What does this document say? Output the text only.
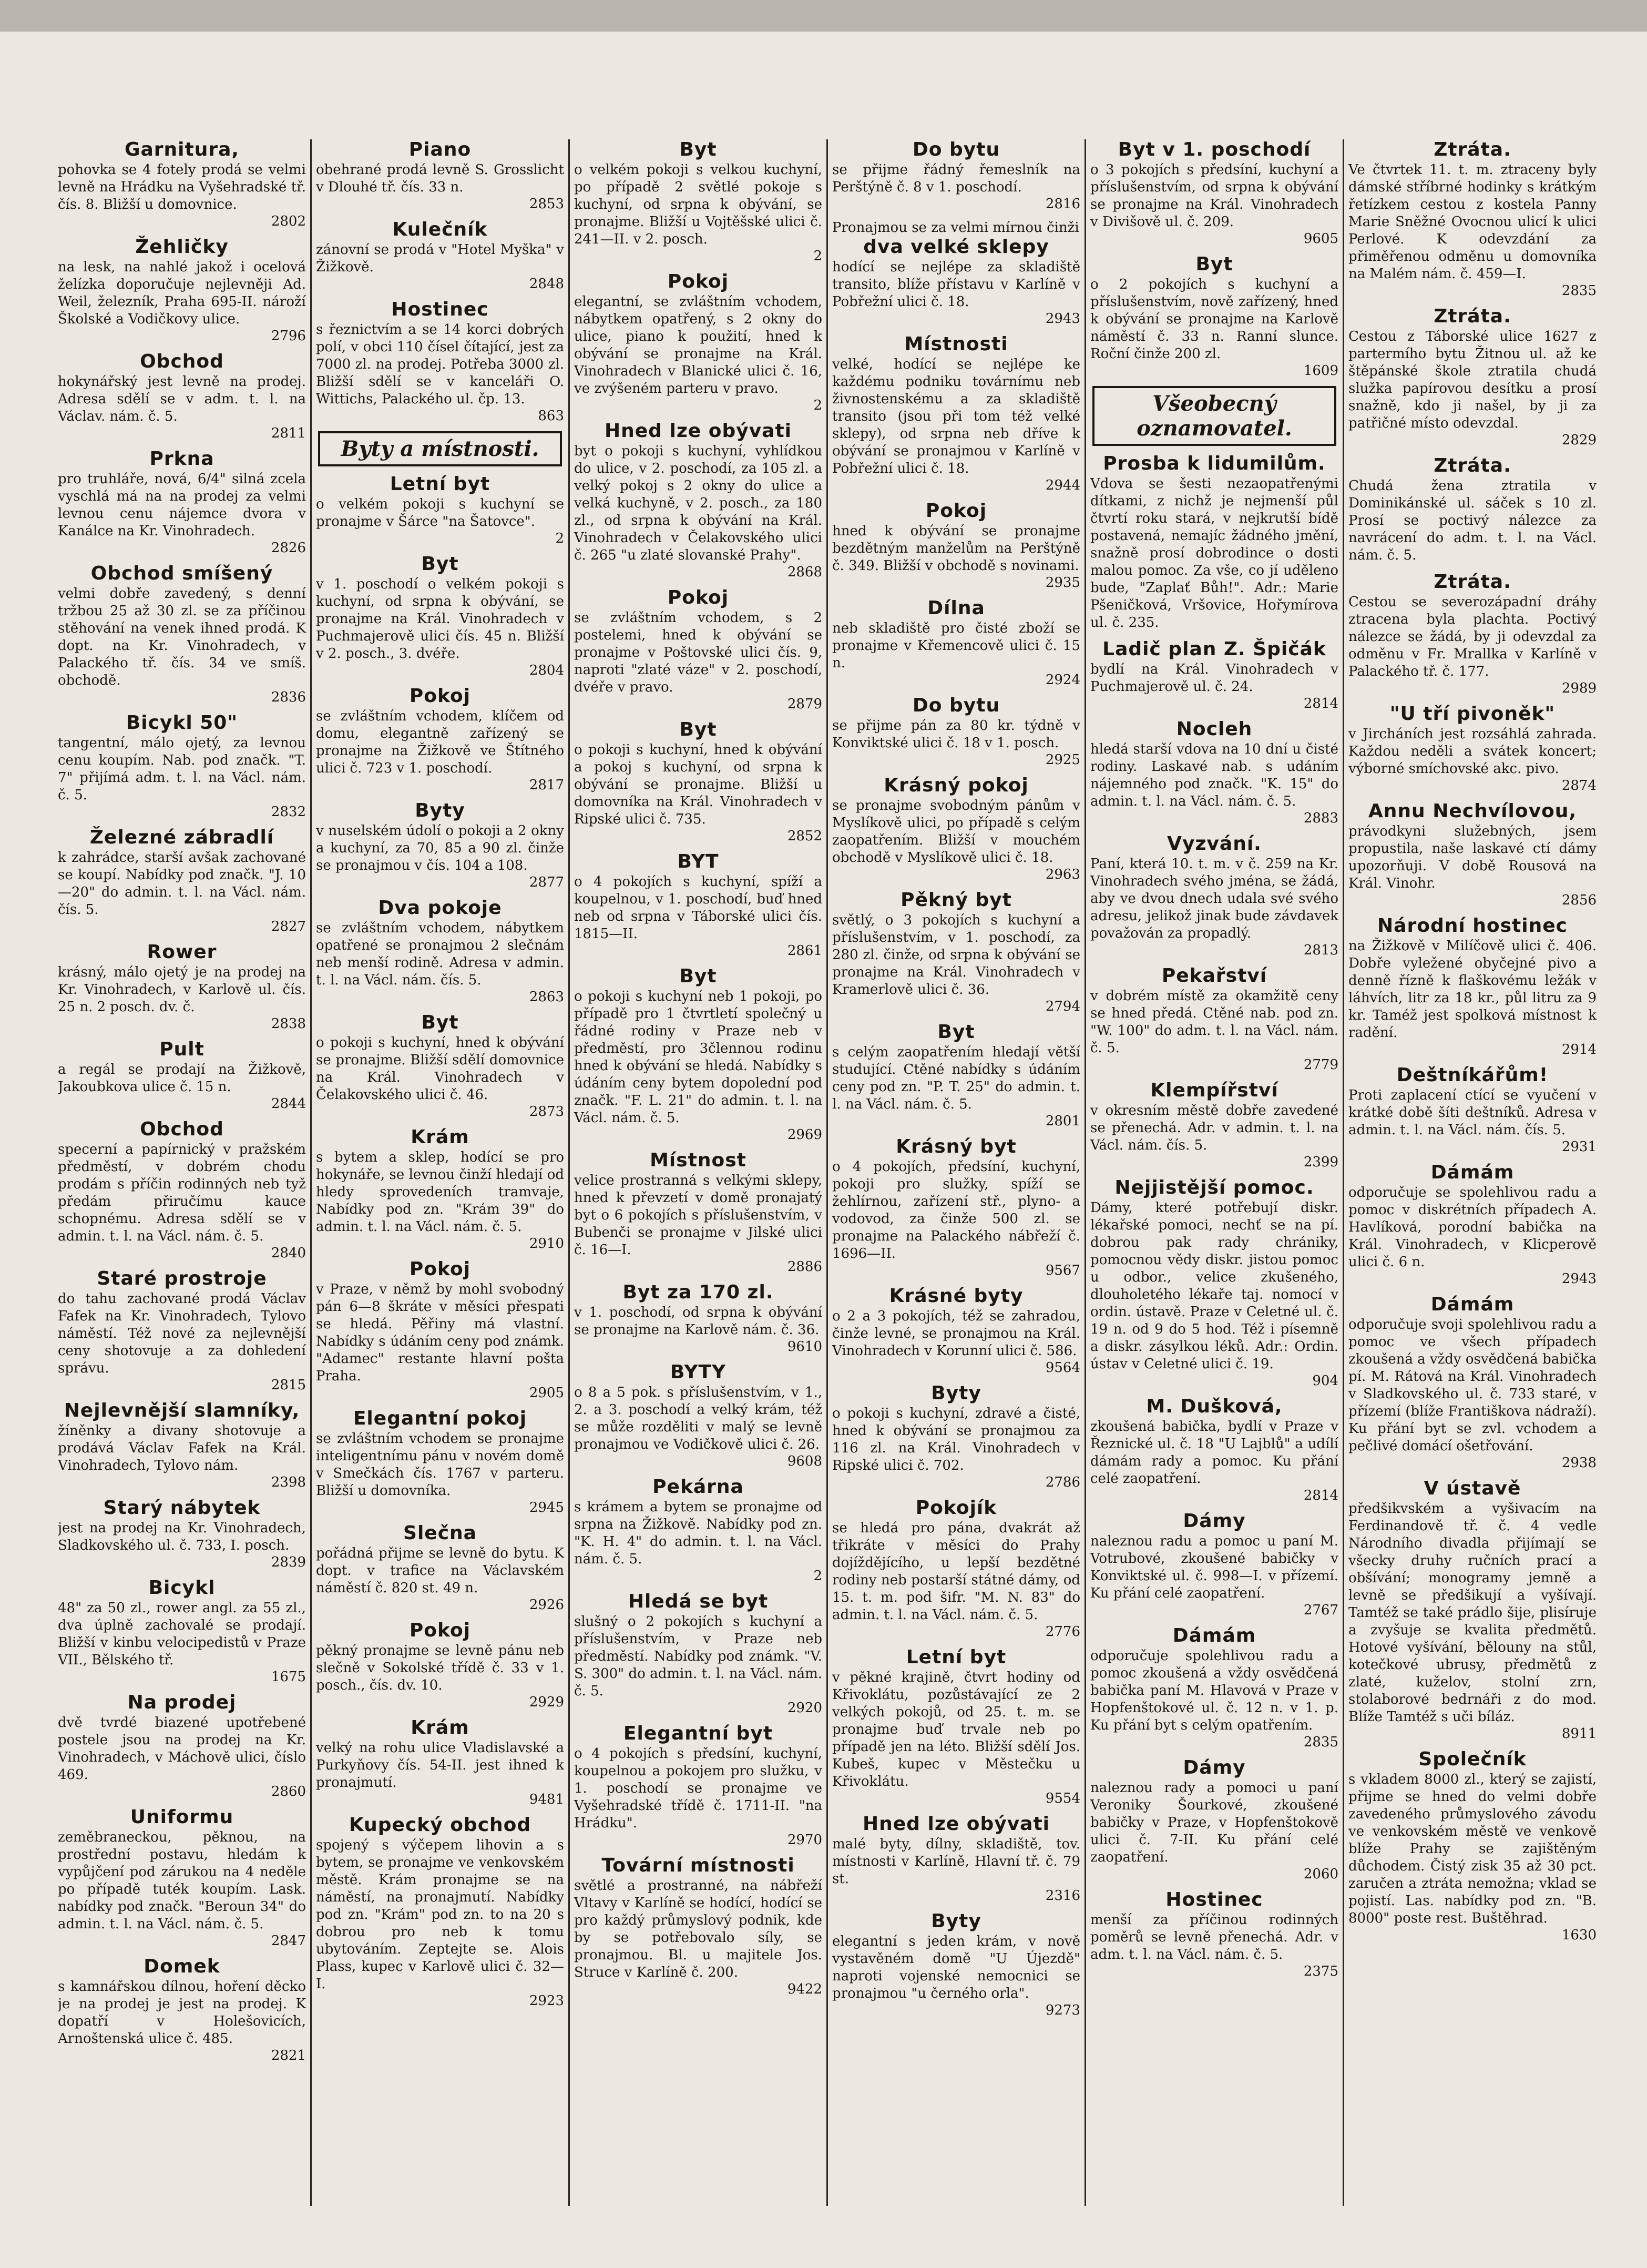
Garnitura,

pohovka se 4 fotely prodá se velmi levně na Hrádku na Vyšehradské tř. čís. 8. Bližší u domovnice.

2802

Žehličky

na lesk, na nahlé jakož i ocelová želízka doporučuje nejlevněji Ad. Weil, železník, Praha 695-II. nároží Školské a Vodičkovy ulice.

2796

Obchod

hokynářský jest levně na prodej. Adresa sdělí se v adm. t. l. na Václav. nám. č. 5.

2811

Prkna

pro truhláře, nová, 6/4" silná zcela vyschlá má na na prodej za velmi levnou cenu nájemce dvora v Kanálce na Kr. Vinohradech.

2826

Obchod smíšený

velmi dobře zavedený, s denní tržbou 25 až 30 zl. se za příčinou stěhování na venek ihned prodá. K dopt. na Kr. Vinohradech, v Palackého tř. čís. 34 ve smíš. obchodě.

2836

Bicykl 50"

tangentní, málo ojetý, za levnou cenu koupím. Nab. pod značk. "T. 7" přijímá adm. t. l. na Václ. nám. č. 5.

2832

Železné zábradlí

k zahrádce, starší avšak zachované se koupí. Nabídky pod značk. "J. 10—20" do admin. t. l. na Václ. nám. čís. 5.

2827

Rower

krásný, málo ojetý je na prodej na Kr. Vinohradech, v Karlově ul. čís. 25 n. 2 posch. dv. č.

2838

Pult

a regál se prodají na Žižkově, Jakoubkova ulice č. 15 n.

2844

Obchod

specerní a papírnický v pražském předměstí, v dobrém chodu prodám s příčin rodinných neb tyž předám přiručímu kauce schopnému. Adresa sdělí se v admin. t. l. na Václ. nám. č. 5.

2840

Staré prostroje

do tahu zachované prodá Václav Fafek na Kr. Vinohradech, Tylovo náměstí. Též nové za nejlevnější ceny shotovuje a za dohledení správu.

2815

Nejlevnější slamníky,

žíněnky a divany shotovuje a prodává Václav Fafek na Král. Vinohradech, Tylovo nám.

2398

Starý nábytek

jest na prodej na Kr. Vinohradech, Sladkovského ul. č. 733, I. posch.

2839

Bicykl

48" za 50 zl., rower angl. za 55 zl., dva úplně zachovalé se prodají. Bližší v kinbu velocipedistů v Praze VII., Bělského tř.

1675

Na prodej

dvě tvrdé biazené upotřebené postele jsou na prodej na Kr. Vinohradech, v Máchově ulici, číslo 469.

2860

Uniformu

zeměbraneckou, pěknou, na prostřední postavu, hledám k vypůjčení pod zárukou na 4 neděle po případě tuték koupím. Lask. nabídky pod značk. "Beroun 34" do admin. t. l. na Václ. nám. č. 5.

2847

Domek

s kamnářskou dílnou, hoření děcko je na prodej je jest na prodej. K dopatří v Holešovicích, Arnoštenská ulice č. 485.

2821

Piano

obehrané prodá levně S. Grosslicht v Dlouhé tř. čís. 33 n.

2853

Kulečník

zánovní se prodá v "Hotel Myška" v Žižkově.

2848

Hostinec

s řeznictvím a se 14 korci dobrých polí, v obci 110 čísel čítající, jest za 7000 zl. na prodej. Potřeba 3000 zl. Bližší sdělí se v kanceláři O. Wittichs, Palackého ul. čp. 13.

863

Byty a místnosti.
Letní byt

o velkém pokoji s kuchyní se pronajme v Šárce "na Šatovce".

2

Byt

v 1. poschodí o velkém pokoji s kuchyní, od srpna k obývání, se pronajme na Král. Vinohradech v Puchmajerově ulici čís. 45 n. Bližší v 2. posch., 3. dvéře.

2804

Pokoj

se zvláštním vchodem, klíčem od domu, elegantně zařízený se pronajme na Žižkově ve Štítného ulici č. 723 v 1. poschodí.

2817

Byty

v nuselském údolí o pokoji a 2 okny a kuchyní, za 70, 85 a 90 zl. činže se pronajmou v čís. 104 a 108.

2877

Dva pokoje

se zvláštním vchodem, nábytkem opatřené se pronajmou 2 slečnám neb menší rodině. Adresa v admin. t. l. na Václ. nám. čís. 5.

2863

Byt

o pokoji s kuchyní, hned k obývání se pronajme. Bližší sdělí domovnice na Král. Vinohradech v Čelakovského ulici č. 46.

2873

Krám

s bytem a sklep, hodící se pro hokynáře, se levnou činží hledají od hledy sprovedeních tramvaje, Nabídky pod zn. "Krám 39" do admin. t. l. na Václ. nám. č. 5.

2910

Pokoj

v Praze, v němž by mohl svobodný pán 6—8 škráte v měsíci přespati se hledá. Pěřiny má vlastní. Nabídky s údáním ceny pod známk. "Adamec" restante hlavní pošta Praha.

2905

Elegantní pokoj

se zvláštním vchodem se pronajme inteligentnímu pánu v novém domě v Smečkách čís. 1767 v parteru. Bližší u domovníka.

2945

Slečna

pořádná přijme se levně do bytu. K dopt. v trafice na Václavském náměstí č. 820 st. 49 n.

2926

Pokoj

pěkný pronajme se levně pánu neb slečně v Sokolské třídě č. 33 v 1. posch., čís. dv. 10.

2929

Krám

velký na rohu ulice Vladislavské a Purkyňovy čís. 54-II. jest ihned k pronajmutí.

9481

Kupecký obchod

spojený s výčepem lihovin a s bytem, se pronajme ve venkovském městě. Krám pronajme se na náměstí, na pronajmutí. Nabídky pod zn. "Krám" pod zn. to na 20 s dobrou pro neb k tomu ubytováním. Zeptejte se. Alois Plass, kupec v Karlově ulici č. 32—I.

2923

Byt

o velkém pokoji s velkou kuchyní, po případě 2 světlé pokoje s kuchyní, od srpna k obývání, se pronajme. Bližší u Vojtěšské ulici č. 241—II. v 2. posch.

2

Pokoj

elegantní, se zvláštním vchodem, nábytkem opatřený, s 2 okny do ulice, piano k použití, hned k obývání se pronajme na Král. Vinohradech v Blanické ulici č. 16, ve zvýšeném parteru v pravo.

2

Hned lze obývati

byt o pokoji s kuchyní, vyhlídkou do ulice, v 2. poschodí, za 105 zl. a velký pokoj s 2 okny do ulice a velká kuchyně, v 2. posch., za 180 zl., od srpna k obývání na Král. Vinohradech v Čelakovského ulici č. 265 "u zlaté slovanské Prahy".

2868

Pokoj

se zvláštním vchodem, s 2 postelemi, hned k obývání se pronajme v Poštovské ulici čís. 9, naproti "zlaté váze" v 2. poschodí, dvéře v pravo.

2879

Byt

o pokoji s kuchyní, hned k obývání a pokoj s kuchyní, od srpna k obývání se pronajme. Bližší u domovníka na Král. Vinohradech v Ripské ulici č. 735.

2852

BYT

o 4 pokojích s kuchyní, spíží a koupelnou, v 1. poschodí, buď hned neb od srpna v Táborské ulici čís. 1815—II.

2861

Byt

o pokoji s kuchyní neb 1 pokoji, po případě pro 1 čtvrtletí společný u řádné rodiny v Praze neb v předměstí, pro 3člennou rodinu hned k obývání se hledá. Nabídky s údáním ceny bytem dopolední pod značk. "F. L. 21" do admin. t. l. na Václ. nám. č. 5.

2969

Místnost

velice prostranná s velkými sklepy, hned k převzetí v domě pronajatý byt o 6 pokojích s příslušenstvím, v Bubenči se pronajme v Jilské ulici č. 16—I.

2886

Byt za 170 zl.

v 1. poschodí, od srpna k obývání se pronajme na Karlově nám. č. 36.

9610

BYTY

o 8 a 5 pok. s příslušenstvím, v 1., 2. a 3. poschodí a velký krám, též se může rozděliti v malý se levně pronajmou ve Vodičkově ulici č. 26.

9608

Pekárna

s krámem a bytem se pronajme od srpna na Žižkově. Nabídky pod zn. "K. H. 4" do admin. t. l. na Václ. nám. č. 5.

2

Hledá se byt

slušný o 2 pokojích s kuchyní a příslušenstvím, v Praze neb předměstí. Nabídky pod známk. "V. S. 300" do admin. t. l. na Václ. nám. č. 5.

2920

Elegantní byt

o 4 pokojích s předsíní, kuchyní, koupelnou a pokojem pro služku, v 1. poschodí se pronajme ve Vyšehradské třídě č. 1711-II. "na Hrádku".

2970

Tovární místnosti

světlé a prostranné, na nábřeží Vltavy v Karlíně se hodící, hodící se pro každý průmyslový podnik, kde by se potřebovalo síly, se pronajmou. Bl. u majitele Jos. Struce v Karlíně č. 200.

9422

Do bytu

se přijme řádný řemeslník na Perštýně č. 8 v 1. poschodí.

2816

Pronajmou se za velmi mírnou činži

dva velké sklepy

hodící se nejlépe za skladiště transito, blíže přístavu v Karlíně v Pobřežní ulici č. 18.

2943

Místnosti

velké, hodící se nejlépe ke každému podniku továrnímu neb živnostenskému a za skladiště transito (jsou při tom též velké sklepy), od srpna neb dříve k obývání se pronajmou v Karlíně v Pobřežní ulici č. 18.

2944

Pokoj

hned k obývání se pronajme bezdětným manželům na Perštýně č. 349. Bližší v obchodě s novinami.

2935

Dílna

neb skladiště pro čisté zboží se pronajme v Křemencově ulici č. 15 n.

2924

Do bytu

se přijme pán za 80 kr. týdně v Konviktské ulici č. 18 v 1. posch.

2925

Krásný pokoj

se pronajme svobodným pánům v Myslíkově ulici, po případě s celým zaopatřením. Bližší v mouchém obchodě v Myslíkově ulici č. 18.

2963

Pěkný byt

světlý, o 3 pokojích s kuchyní a příslušenstvím, v 1. poschodí, za 280 zl. činže, od srpna k obývání se pronajme na Král. Vinohradech v Kramerlově ulici č. 36.

2794

Byt

s celým zaopatřením hledají větší studující. Ctěné nabídky s údáním ceny pod zn. "P. T. 25" do admin. t. l. na Václ. nám. č. 5.

2801

Krásný byt

o 4 pokojích, předsíní, kuchyní, pokoji pro služky, spíží se žehlírnou, zařízení stř., plyno- a vodovod, za činže 500 zl. se pronajme na Palackého nábřeží č. 1696—II.

9567

Krásné byty

o 2 a 3 pokojích, též se zahradou, činže levné, se pronajmou na Král. Vinohradech v Korunní ulici č. 586.

9564

Byty

o pokoji s kuchyní, zdravé a čisté, hned k obývání se pronajmou za 116 zl. na Král. Vinohradech v Ripské ulici č. 702.

2786

Pokojík

se hledá pro pána, dvakrát až třikráte v měsíci do Prahy dojíždějícího, u lepší bezdětné rodiny neb postarší státné dámy, od 15. t. m. pod šifr. "M. N. 83" do admin. t. l. na Václ. nám. č. 5.

2776

Letní byt

v pěkné krajině, čtvrt hodiny od Křivoklátu, pozůstávající ze 2 velkých pokojů, od 25. t. m. se pronajme buď trvale neb po případě jen na léto. Bližší sdělí Jos. Kubeš, kupec v Městečku u Křivoklátu.

9554

Hned lze obývati

malé byty, dílny, skladiště, tov. místnosti v Karlíně, Hlavní tř. č. 79 st.

2316

Byty

elegantní s jeden krám, v nově vystavěném domě "U Újezdě" naproti vojenské nemocnici se pronajmou "u černého orla".

9273

Byt v 1. poschodí

o 3 pokojích s předsíní, kuchyní a příslušenstvím, od srpna k obývání se pronajme na Král. Vinohradech v Divišově ul. č. 209.

9605

Byt

o 2 pokojích s kuchyní a příslušenstvím, nově zařízený, hned k obývání se pronajme na Karlově náměstí č. 33 n. Ranní slunce. Roční činže 200 zl.

1609

Všeobecný oznamovatel.
Prosba k lidumilům.

Vdova se šesti nezaopatřenými dítkami, z nichž je nejmenší půl čtvrtí roku stará, v nejkrutší bídě postavená, nemajíc žádného jmění, snažně prosí dobrodince o dosti malou pomoc. Za vše, co jí uděleno bude, "Zaplať Bůh!". Adr.: Marie Pšeničková, Vršovice, Hořymírova ul. č. 235.

Ladič plan Z. Špičák

bydlí na Král. Vinohradech v Puchmajerově ul. č. 24.

2814

Nocleh

hledá starší vdova na 10 dní u čisté rodiny. Laskavé nab. s udáním nájemného pod značk. "K. 15" do admin. t. l. na Václ. nám. č. 5.

2883

Vyzvání.

Paní, která 10. t. m. v č. 259 na Kr. Vinohradech svého jména, se žádá, aby ve dvou dnech udala své svého adresu, jelikož jinak bude závdavek považován za propadlý.

2813

Pekařství

v dobrém místě za okamžitě ceny se hned předá. Ctěné nab. pod zn. "W. 100" do adm. t. l. na Václ. nám. č. 5.

2779

Klempířství

v okresním městě dobře zavedené se přenechá. Adr. v admin. t. l. na Václ. nám. čís. 5.

2399

Nejjistější pomoc.

Dámy, které potřebují diskr. lékařské pomoci, nechť se na pí. dobrou pak rady chrániky, pomocnou vědy diskr. jistou pomoc u odbor., velice zkušeného, dlouholetého lékaře taj. nomocí v ordin. ústavě. Praze v Celetné ul. č. 19 n. od 9 do 5 hod. Též i písemně a diskr. zásylkou léků. Adr.: Ordin. ústav v Celetné ulici č. 19.

904

M. Dušková,

zkoušená babička, bydlí v Praze v Řeznické ul. č. 18 "U Lajblů" a udílí dámám rady a pomoc. Ku přání celé zaopatření.

2814

Dámy

naleznou radu a pomoc u paní M. Votrubové, zkoušené babičky v Konviktské ul. č. 998—I. v přízemí. Ku přání celé zaopatření.

2767

Dámám

odporučuje spolehlivou radu a pomoc zkoušená a vždy osvědčená babička paní M. Hlavová v Praze v Hopfenštokové ul. č. 12 n. v 1. p. Ku přání byt s celým opatřením.

2835

Dámy

naleznou rady a pomoci u paní Veroniky Šourkové, zkoušené babičky v Praze, v Hopfenštokově ulici č. 7-II. Ku přání celé zaopatření.

2060

Hostinec

menší za příčinou rodinných poměrů se levně přenechá. Adr. v adm. t. l. na Václ. nám. č. 5.

2375

Ztráta.

Ve čtvrtek 11. t. m. ztraceny byly dámské stříbrné hodinky s krátkým řetízkem cestou z kostela Panny Marie Sněžné Ovocnou ulicí k ulici Perlové. K odevzdání za přiměřenou odměnu u domovníka na Malém nám. č. 459—I.

2835

Ztráta.

Cestou z Táborské ulice 1627 z partermího bytu Žitnou ul. až ke štěpánské škole ztratila chudá služka papírovou desítku a prosí snažně, kdo ji našel, by ji za patřičné místo odevzdal.

2829

Ztráta.

Chudá žena ztratila v Dominikánské ul. sáček s 10 zl. Prosí se poctivý nálezce za navrácení do adm. t. l. na Václ. nám. č. 5.

Ztráta.

Cestou se severozápadní dráhy ztracena byla plachta. Poctivý nálezce se žádá, by ji odevzdal za odměnu v Fr. Mrallka v Karlíně v Palackého tř. č. 177.

2989

"U tří pivoněk"

v Jircháních jest rozsáhlá zahrada. Každou neděli a svátek koncert; výborné smíchovské akc. pivo.

2874

Annu Nechvílovou,

právodkyni služebných, jsem propustila, naše laskavé ctí dámy upozorňuji. V době Rousová na Král. Vinohr.

2856

Národní hostinec

na Žižkově v Milíčově ulici č. 406. Dobře vyležené obyčejné pivo a denně řízně k flaškovému ležák v láhvích, litr za 18 kr., půl litru za 9 kr. Taméž jest spolková místnost k radění.

2914

Deštníkářům!

Proti zaplacení ctící se vyučení v krátké době šíti deštníků. Adresa v admin. t. l. na Václ. nám. čís. 5.

2931

Dámám

odporučuje se spolehlivou radu a pomoc v diskrétních případech A. Havlíková, porodní babička na Král. Vinohradech, v Klicperově ulici č. 6 n.

2943

Dámám

odporučuje svoji spolehlivou radu a pomoc ve všech případech zkoušená a vždy osvědčená babička pí. M. Rátová na Král. Vinohradech v Sladkovského ul. č. 733 staré, v přízemí (blíže Františkova nádraží). Ku přání byt se zvl. vchodem a pečlivé domácí ošetřování.

2938

V ústavě

předšikvském a vyšivacím na Ferdinandově tř. č. 4 vedle Národního divadla přijímají se všecky druhy ručních prací a obšívání; monogramy jemně a levně se předšikují a vyšívají. Tamtéž se také prádlo šije, plisíruje a zvyšuje se kvalita předmětů. Hotové vyšívání, bělouny na stůl, kotečkové ubrusy, předmětů z zlaté, kuželov, stolní zrn, stolaborové bedrnáři z do mod. Blíže Tamtéž s uči bíláz.

8911

Společník

s vkladem 8000 zl., který se zajistí, přijme se hned do velmi dobře zavedeného průmyslového závodu ve venkovském městě ve venkově blíže Prahy se zajištěným důchodem. Čistý zisk 35 až 30 pct. zaručen a ztráta nemožna; vklad se pojistí. Las. nabídky pod zn. "B. 8000" poste rest. Buštěhrad.

1630
